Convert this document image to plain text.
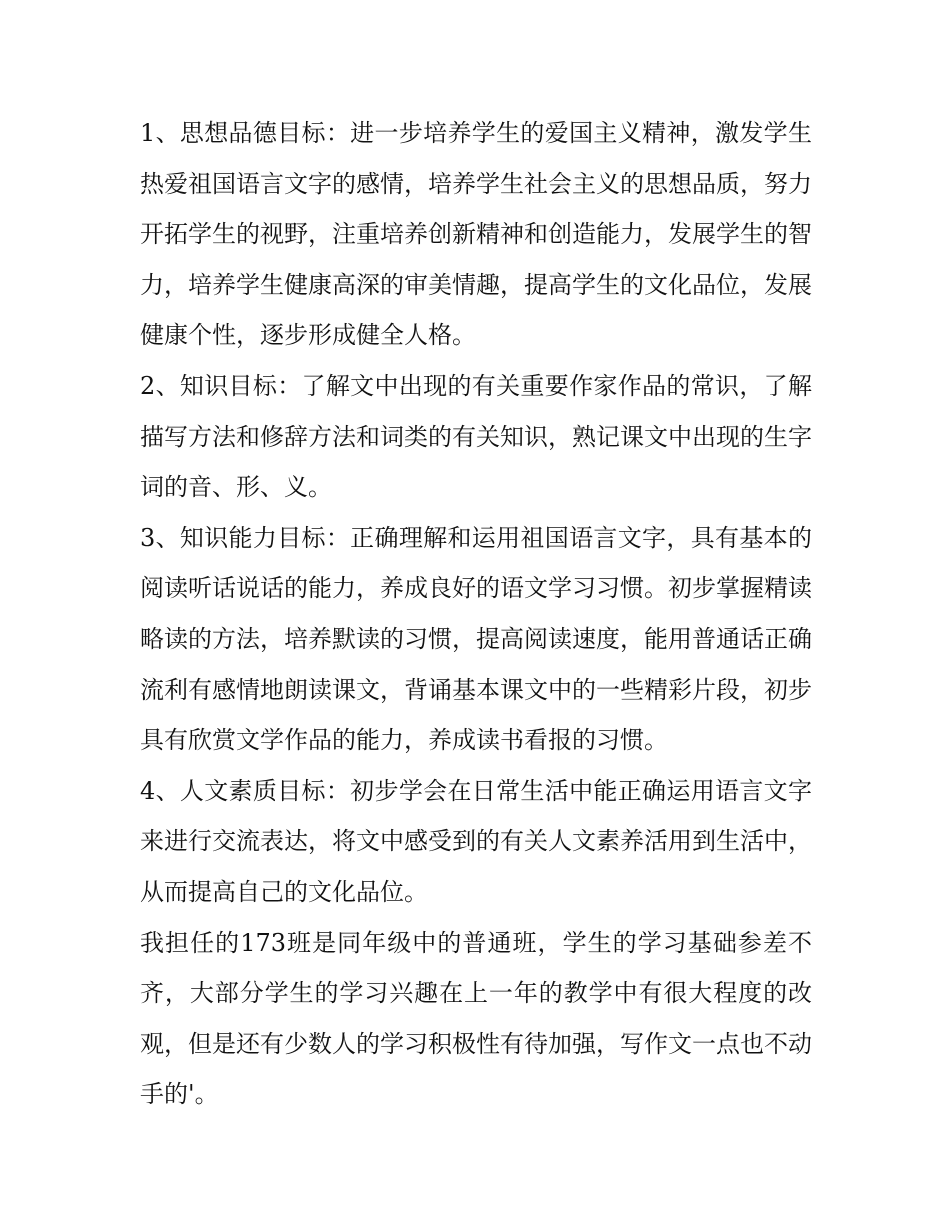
1、思想品德目标：进一步培养学生的爱国主义精神，激发学生热爱祖国语言文字的感情，培养学生社会主义的思想品质，努力开拓学生的视野，注重培养创新精神和创造能力，发展学生的智力，培养学生健康高深的审美情趣，提高学生的文化品位，发展健康个性，逐步形成健全人格。

2、知识目标：了解文中出现的有关重要作家作品的常识，了解描写方法和修辞方法和词类的有关知识，熟记课文中出现的生字词的音、形、义。

3、知识能力目标：正确理解和运用祖国语言文字，具有基本的阅读听话说话的能力，养成良好的语文学习习惯。初步掌握精读略读的方法，培养默读的习惯，提高阅读速度，能用普通话正确流利有感情地朗读课文，背诵基本课文中的一些精彩片段，初步具有欣赏文学作品的能力，养成读书看报的习惯。

4、人文素质目标：初步学会在日常生活中能正确运用语言文字来进行交流表达，将文中感受到的有关人文素养活用到生活中，从而提高自己的文化品位。

我担任的173班是同年级中的普通班，学生的学习基础参差不齐，大部分学生的学习兴趣在上一年的教学中有很大程度的改观，但是还有少数人的学习积极性有待加强，写作文一点也不动手的'。
